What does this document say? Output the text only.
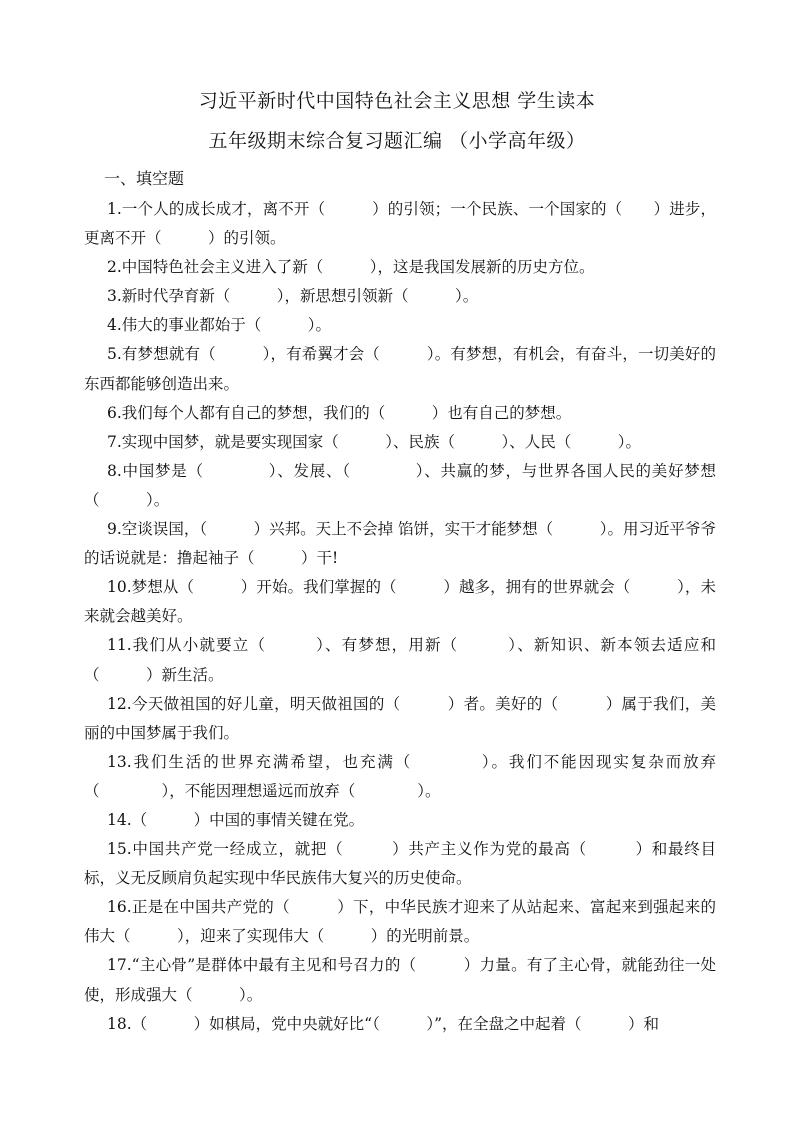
习近平新时代中国特色社会主义思想 学生读本
五年级期末综合复习题汇编 （小学高年级）
一、填空题

1.一个人的成长成才，离不开（　　　）的引领；一个民族、一个国家的（　　）进步，更离不开（　　　）的引领。

2.中国特色社会主义进入了新（　　　），这是我国发展新的历史方位。

3.新时代孕育新（　　　），新思想引领新（　　　）。

4.伟大的事业都始于（　　　）。

5.有梦想就有（　　　），有希翼才会（　　　）。有梦想，有机会，有奋斗，一切美好的东西都能够创造出来。

6.我们每个人都有自己的梦想，我们的（　　　）也有自己的梦想。

7.实现中国梦，就是要实现国家（　　　）、民族（　　　）、人民（　　　）。

8.中国梦是（　　　　）、发展、（　　　　）、共赢的梦，与世界各国人民的美好梦想（　　　）。

9.空谈误国，（　　　）兴邦。天上不会掉 馅饼，实干才能梦想（　　　）。用习近平爷爷的话说就是：撸起袖子（　　　）干!

10.梦想从（　　　）开始。我们掌握的（　　　）越多，拥有的世界就会（　　　），未来就会越美好。

11.我们从小就要立（　　　）、有梦想，用新（　　　）、新知识、新本领去适应和（　　　）新生活。

12.今天做祖国的好儿童，明天做祖国的（　　　）者。美好的（　　　）属于我们，美丽的中国梦属于我们。

13.我们生活的世界充满希望，也充满（　　　　）。我们不能因现实复杂而放弃（　　　　），不能因理想遥远而放弃（　　　　）。

14.（　　　）中国的事情关键在党。

15.中国共产党一经成立，就把（　　　）共产主义作为党的最高（　　　）和最终目标，义无反顾肩负起实现中华民族伟大复兴的历史使命。

16.正是在中国共产党的（　　　）下，中华民族才迎来了从站起来、富起来到强起来的伟大（　　　），迎来了实现伟大（　　　）的光明前景。

17.“主心骨”是群体中最有主见和号召力的（　　　）力量。有了主心骨，就能劲往一处使，形成强大（　　　）。

18.（　　　）如棋局，党中央就好比“（　　　）”，在全盘之中起着（　　　）和
